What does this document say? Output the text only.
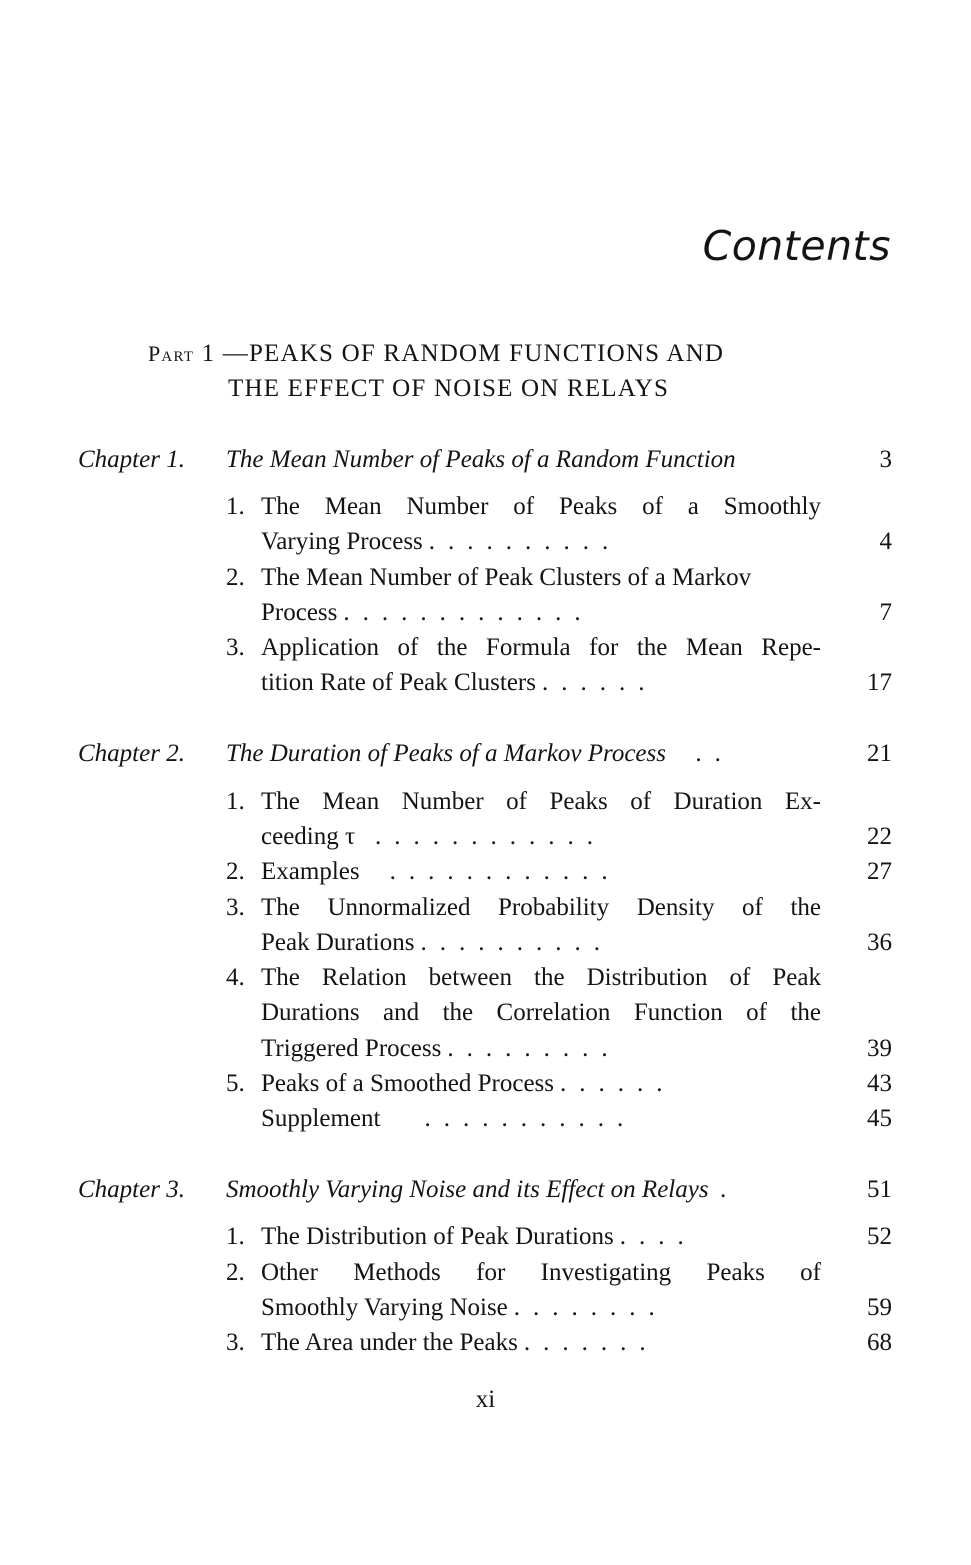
Contents
Part 1 —PEAKS OF RANDOM FUNCTIONS AND
THE EFFECT OF NOISE ON RELAYS
Chapter 1. The Mean Number of Peaks of a Random Function	3
1. The Mean Number of Peaks of a Smoothly
Varying Process ..........	4
2. The Mean Number of Peak Clusters of a Markov
Process .............	7
3. Application of the Formula for the Mean Repe-
tition Rate of Peak Clusters ......	17
Chapter 2. The Duration of Peaks of a Markov Process ..	21
1. The Mean Number of Peaks of Duration Ex-
ceeding τ ............	22
2. Examples ............	27
3. The Unnormalized Probability Density of the
Peak Durations ..........	36
4. The Relation between the Distribution of Peak
Durations and the Correlation Function of the
Triggered Process .........	39
5. Peaks of a Smoothed Process ......	43
Supplement ...........	45
Chapter 3. Smoothly Varying Noise and its Effect on Relays .	51
1. The Distribution of Peak Durations ....	52
2. Other Methods for Investigating Peaks of
Smoothly Varying Noise ........	59
3. The Area under the Peaks .......	68
xi
